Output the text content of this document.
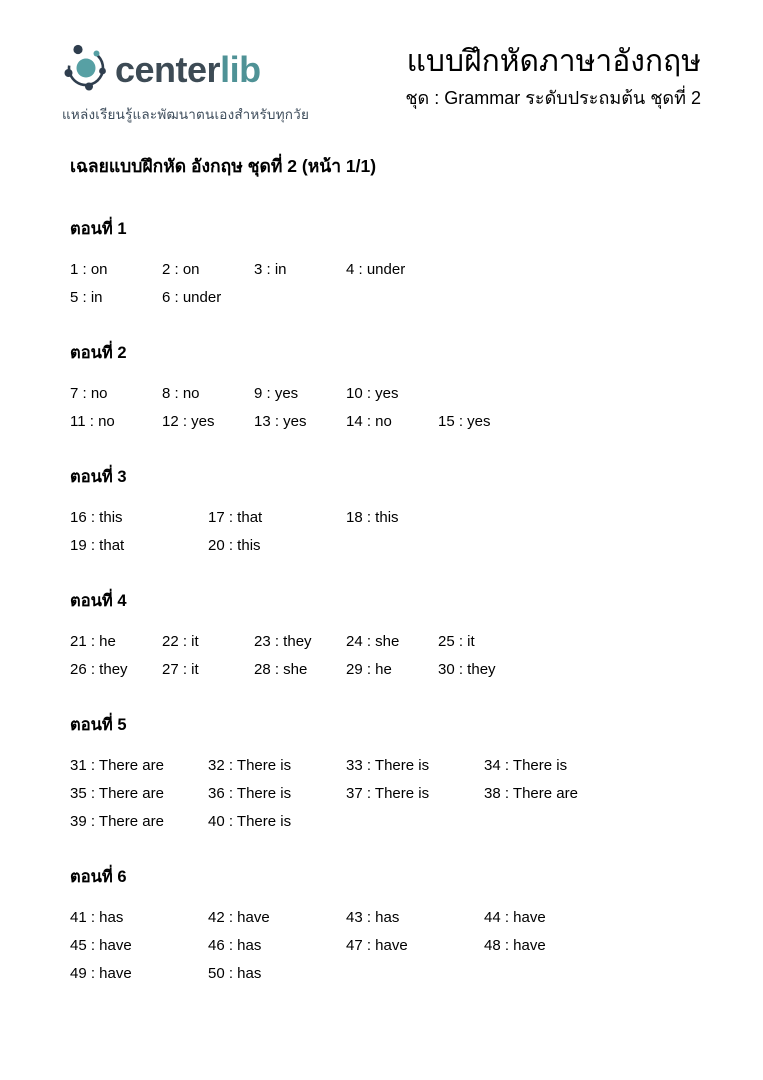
centerlib
แหล่งเรียนรู้และพัฒนาตนเองสำหรับทุกวัย
แบบฝึกหัดภาษาอังกฤษ
ชุด : Grammar ระดับประถมต้น ชุดที่ 2
เฉลยแบบฝึกหัด อังกฤษ ชุดที่ 2 (หน้า 1/1)
ตอนที่ 1
1 : on	2 : on	3 : in	4 : under
5 : in	6 : under
ตอนที่ 2
7 : no	8 : no	9 : yes	10 : yes
11 : no	12 : yes	13 : yes	14 : no	15 : yes
ตอนที่ 3
16 : this	17 : that	18 : this
19 : that	20 : this
ตอนที่ 4
21 : he	22 : it	23 : they 24 : she	25 : it
26 : they 27 : it	28 : she	29 : he	30 : they
ตอนที่ 5
31 : There are	32 : There is	33 : There is	34 : There is
35 : There are	36 : There is	37 : There is	38 : There are
39 : There are	40 : There is
ตอนที่ 6
41 : has	42 : have	43 : has	44 : have
45 : have	46 : has	47 : have	48 : have
49 : have	50 : has
